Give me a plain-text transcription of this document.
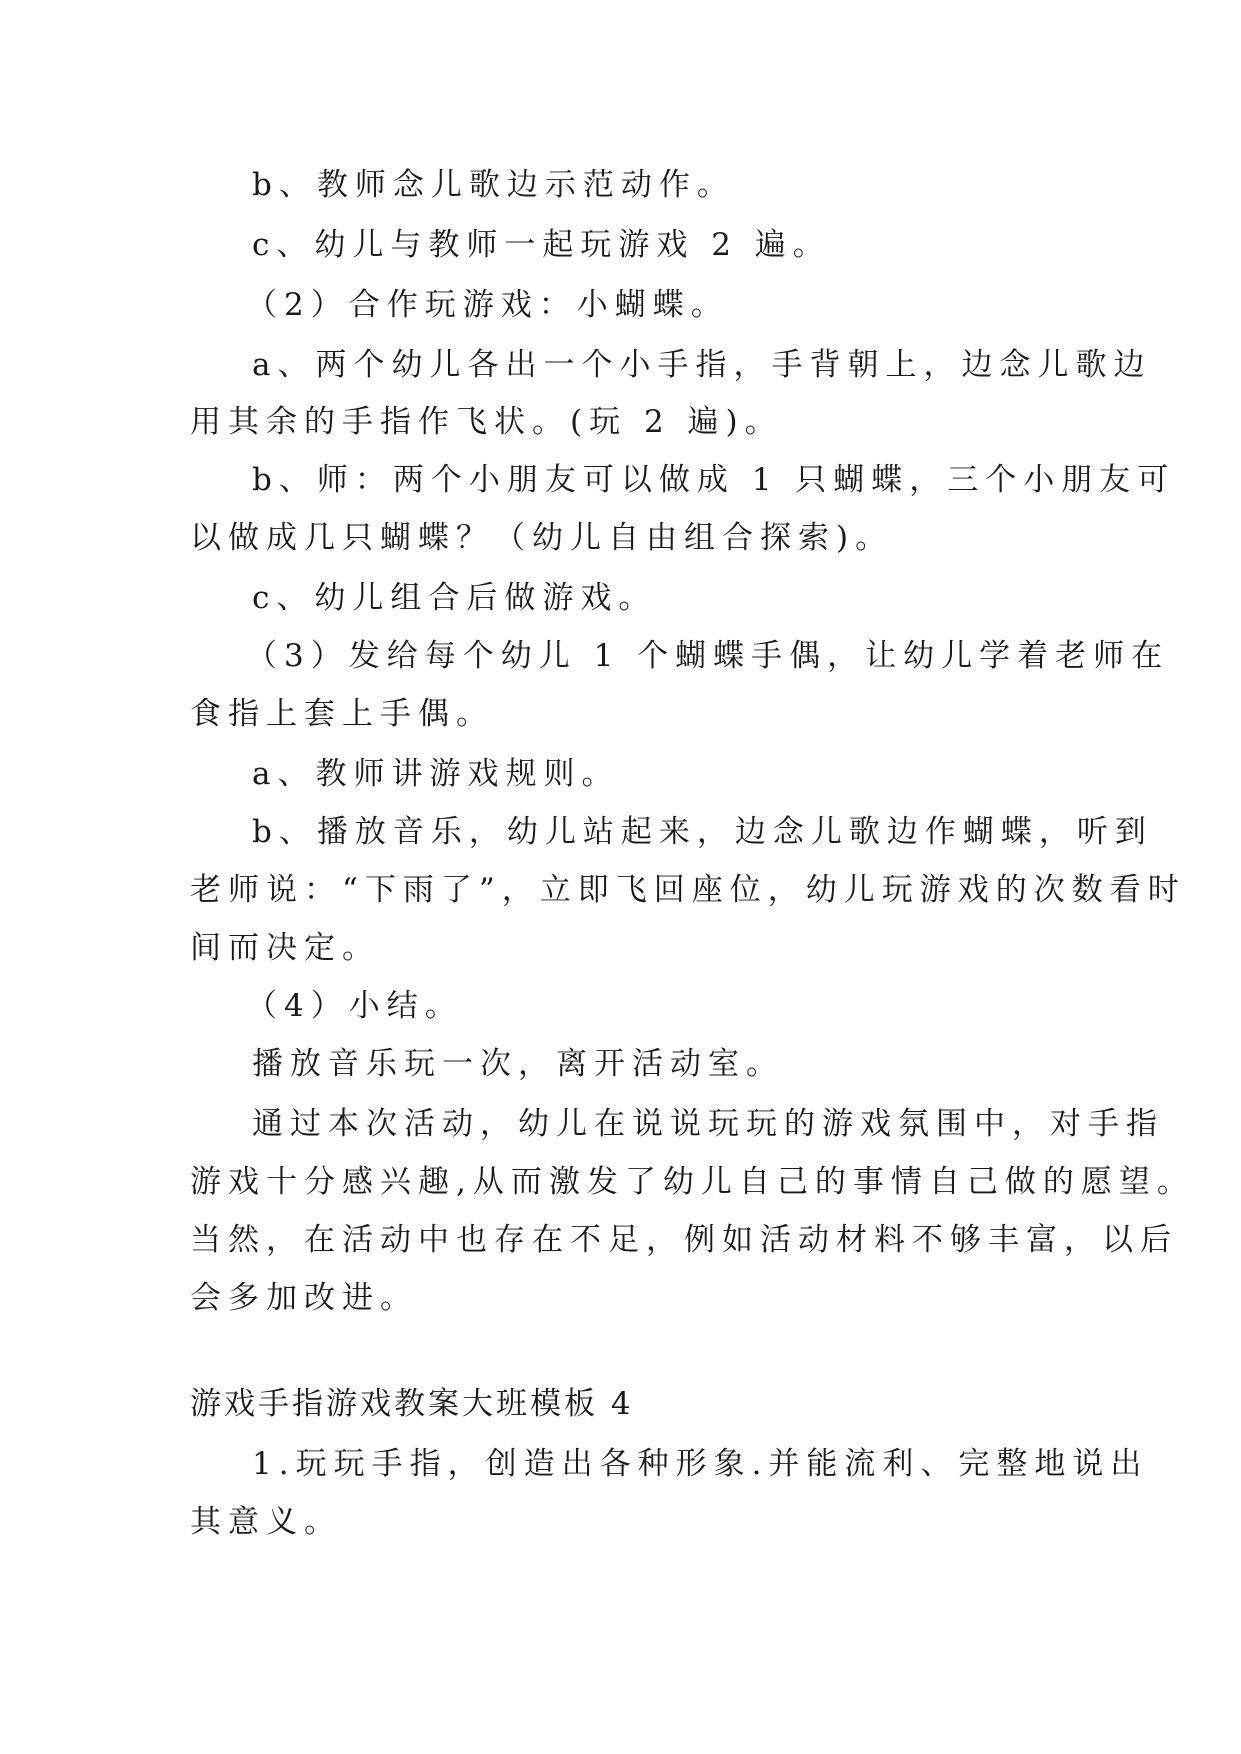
b、教师念儿歌边示范动作。
c、幼儿与教师一起玩游戏 2 遍。
（2）合作玩游戏：小蝴蝶。
a、两个幼儿各出一个小手指，手背朝上，边念儿歌边
用其余的手指作飞状。(玩 2 遍)。
b、师：两个小朋友可以做成 1 只蝴蝶，三个小朋友可
以做成几只蝴蝶？（幼儿自由组合探索)。
c、幼儿组合后做游戏。
（3）发给每个幼儿 1 个蝴蝶手偶，让幼儿学着老师在
食指上套上手偶。
a、教师讲游戏规则。
b、播放音乐，幼儿站起来，边念儿歌边作蝴蝶，听到
老师说：“下雨了”，立即飞回座位，幼儿玩游戏的次数看时
间而决定。
（4）小结。
播放音乐玩一次，离开活动室。
通过本次活动，幼儿在说说玩玩的游戏氛围中，对手指
游戏十分感兴趣,从而激发了幼儿自己的事情自己做的愿望。
当然，在活动中也存在不足，例如活动材料不够丰富，以后
会多加改进。
游戏手指游戏教案大班模板 4
1.玩玩手指，创造出各种形象.并能流利、完整地说出
其意义。
